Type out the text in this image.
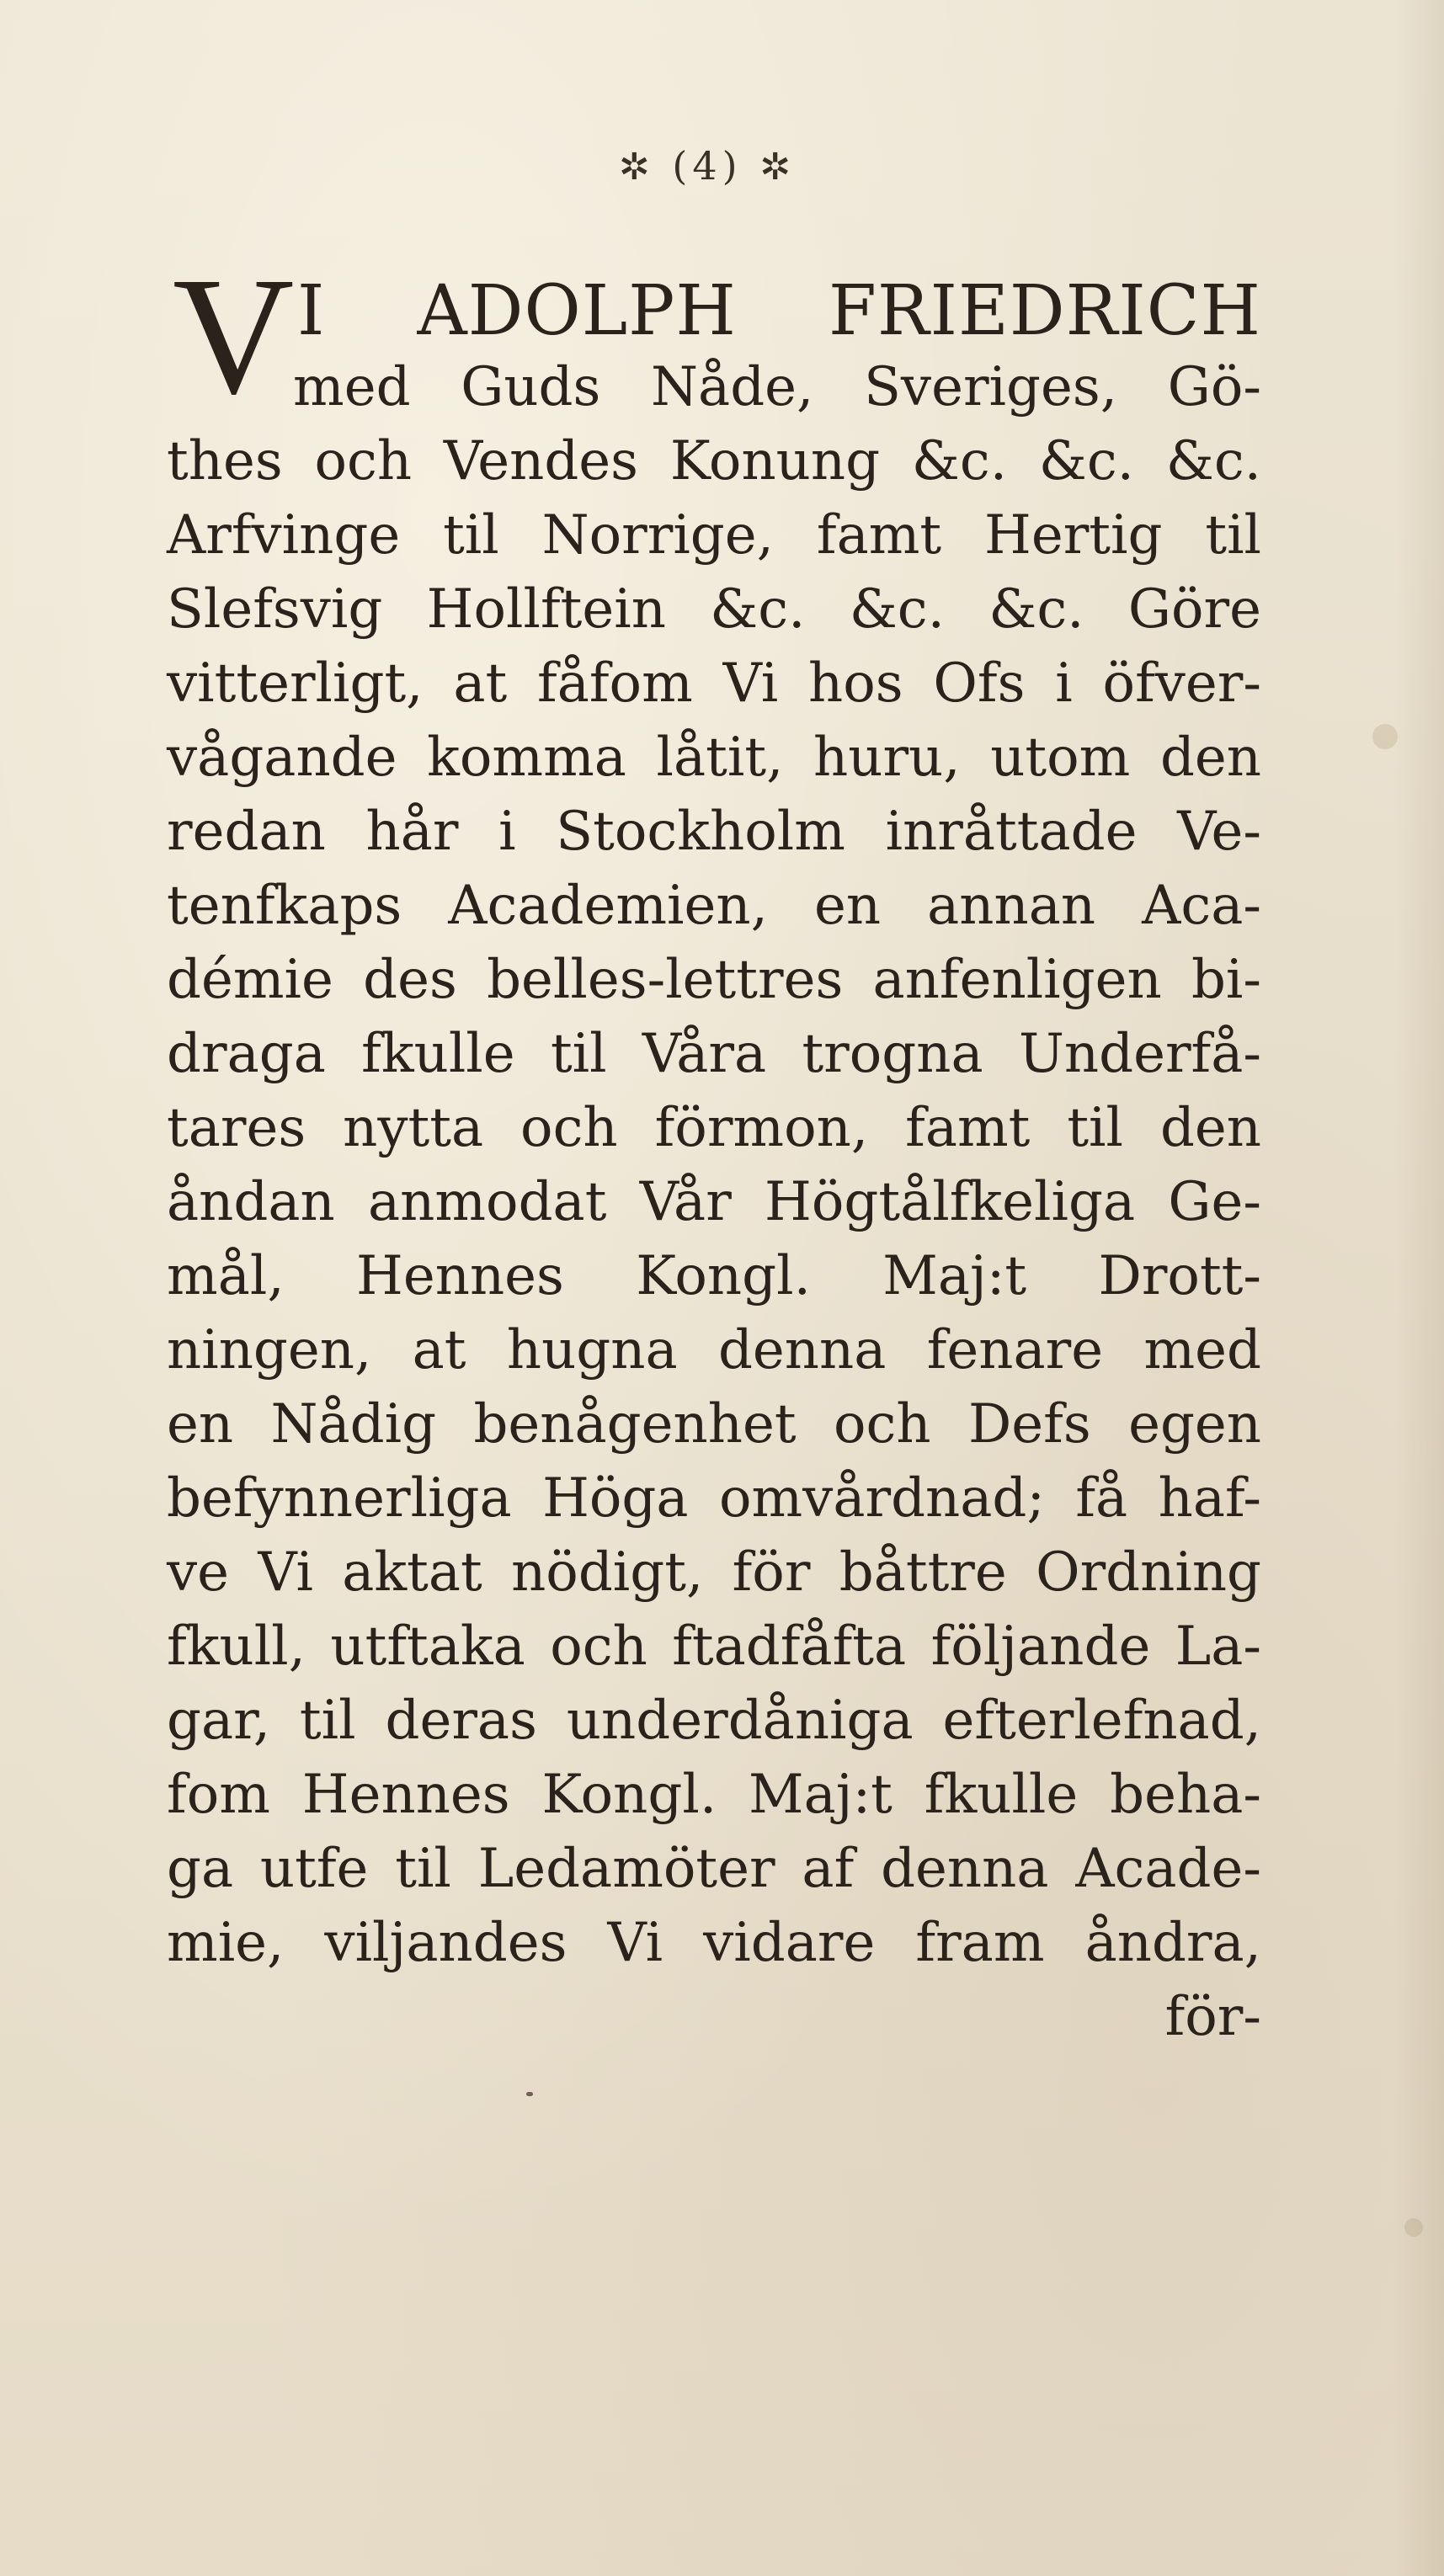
✲ (4) ✲
V I ADOLPH FRIEDRICH
med Guds Nåde, Sveriges, Gö-
thes och Vendes Konung &c. &c. &c.
Arfvinge til Norrige, famt Hertig til
Slefsvig Hollftein &c. &c. &c. Göre
vitterligt, at fåfom Vi hos Ofs i öfver-
vågande komma låtit, huru, utom den
redan hår i Stockholm inråttade Ve-
tenfkaps Academien, en annan Aca-
démie des belles-lettres anfenligen bi-
draga fkulle til Våra trogna Underfå-
tares nytta och förmon, famt til den
åndan anmodat Vår Högtålfkeliga Ge-
mål, Hennes Kongl. Maj:t Drott-
ningen, at hugna denna fenare med
en Nådig benågenhet och Defs egen
befynnerliga Höga omvårdnad; få haf-
ve Vi aktat nödigt, för båttre Ordning
fkull, utftaka och ftadfåfta följande La-
gar, til deras underdåniga efterlefnad,
fom Hennes Kongl. Maj:t fkulle beha-
ga utfe til Ledamöter af denna Acade-
mie, viljandes Vi vidare fram åndra,
för-
